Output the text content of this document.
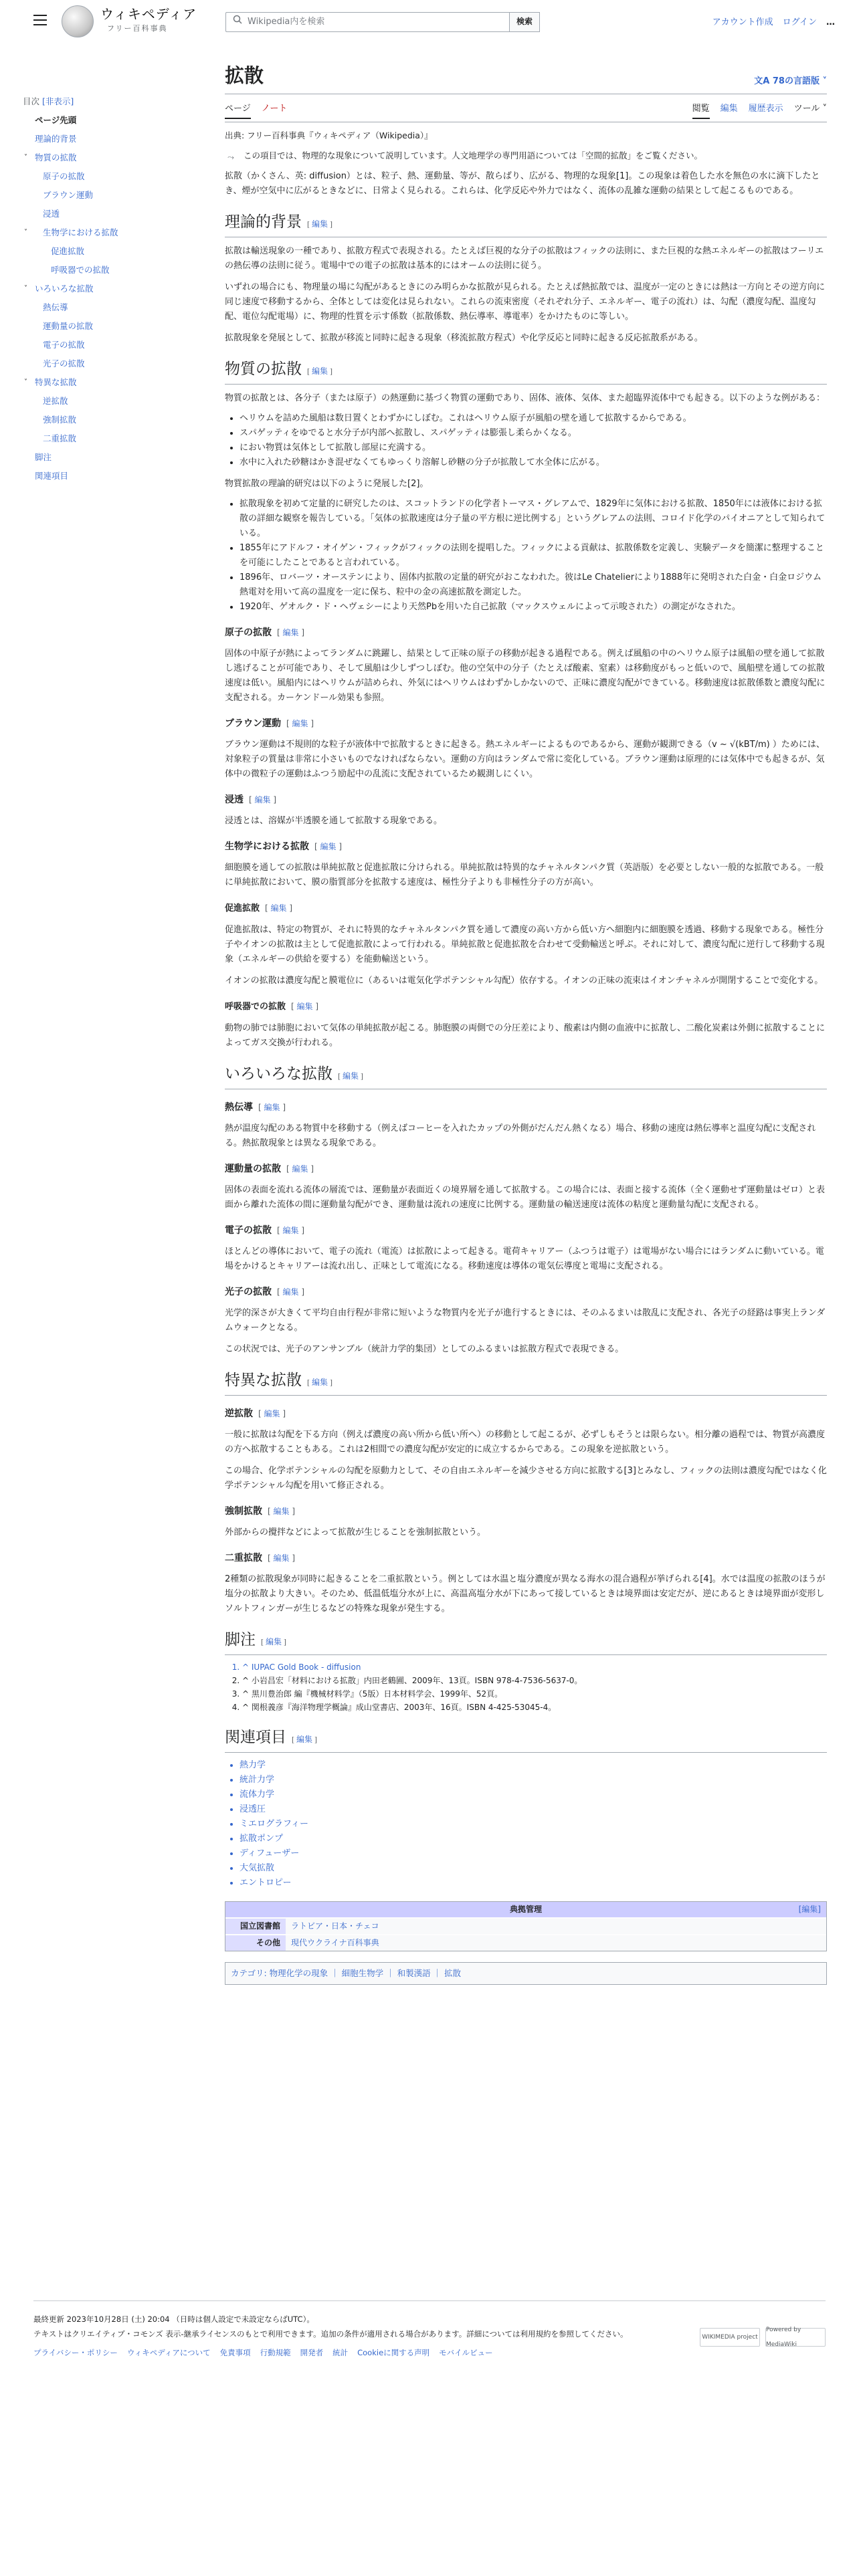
ウィキペディア
フリー百科事典
Wikipedia内を検索	検索	アカウント作成 ログイン …
目次 [非表示]
ページ先頭
理論的背景
˅ 物質の拡散
原子の拡散
ブラウン運動
浸透
˅ 生物学における拡散
促進拡散
呼吸器での拡散
˅ いろいろな拡散
熱伝導
運動量の拡散
電子の拡散
光子の拡散
˅ 特異な拡散
逆拡散
強制拡散
二重拡散
脚注
関連項目
拡散	文A 78の言語版 ˅
ページ ノート	閲覧 編集 履歴表示 ツール ˅
出典: フリー百科事典『ウィキペディア（Wikipedia）』
⤳ この項目では、物理的な現象について説明しています。人文地理学の専門用語については「空間的拡散」をご覧ください。

拡散（かくさん、英: diffusion）とは、粒子、熱、運動量、等が、散らばり、広がる、物理的な現象[1]。この現象は着色した水を無色の水に滴下したとき、煙が空気中に広がるときなどに、日常よく見られる。これらは、化学反応や外力ではなく、流体の乱雑な運動の結果として起こるものである。

理論的背景 [ 編集 ]

拡散は輸送現象の一種であり、拡散方程式で表現される。たとえば巨視的な分子の拡散はフィックの法則に、また巨視的な熱エネルギーの拡散はフーリエの熱伝導の法則に従う。電場中での電子の拡散は基本的にはオームの法則に従う。

いずれの場合にも、物理量の場に勾配があるときにのみ明らかな拡散が見られる。たとえば熱拡散では、温度が一定のときには熱は一方向とその逆方向に同じ速度で移動するから、全体としては変化は見られない。これらの流束密度（それぞれ分子、エネルギー、電子の流れ）は、勾配（濃度勾配、温度勾配、電位勾配電場）に、物理的性質を示す係数（拡散係数、熱伝導率、導電率）をかけたものに等しい。

拡散現象を発展として、拡散が移流と同時に起きる現象（移流拡散方程式）や化学反応と同時に起きる反応拡散系がある。

物質の拡散 [ 編集 ]

物質の拡散とは、各分子（または原子）の熱運動に基づく物質の運動であり、固体、液体、気体、また超臨界流体中でも起きる。以下のような例がある：

• ヘリウムを詰めた風船は数日置くとわずかにしぼむ。これはヘリウム原子が風船の壁を通して拡散するからである。
• スパゲッティをゆでると水分子が内部へ拡散し、スパゲッティは膨張し柔らかくなる。
• におい物質は気体として拡散し部屋に充満する。
• 水中に入れた砂糖はかき混ぜなくてもゆっくり溶解し砂糖の分子が拡散して水全体に広がる。

物質拡散の理論的研究は以下のように発展した[2]。

• 拡散現象を初めて定量的に研究したのは、スコットランドの化学者トーマス・グレアムで、1829年に気体における拡散、1850年には液体における拡散の詳細な観察を報告している。「気体の拡散速度は分子量の平方根に逆比例する」というグレアムの法則、コロイド化学のパイオニアとして知られている。
• 1855年にアドルフ・オイゲン・フィックがフィックの法則を提唱した。フィックによる貢献は、拡散係数を定義し、実験データを簡潔に整理することを可能にしたことであると言われている。
• 1896年、ロバーツ・オーステンにより、固体内拡散の定量的研究がおこなわれた。彼はLe Chatelierにより1888年に発明された白金・白金ロジウム熱電対を用いて高の温度を一定に保ち、粒中の金の高速拡散を測定した。
• 1920年、ゲオルク・ド・ヘヴェシーにより天然Pbを用いた自己拡散（マックスウェルによって示唆された）の測定がなされた。
原子の拡散 [ 編集 ]

固体の中原子が熱によってランダムに跳躍し、結果として正味の原子の移動が起きる過程である。例えば風船の中のヘリウム原子は風船の壁を通して拡散し逃げることが可能であり、そして風船は少しずつしぼむ。他の空気中の分子（たとえば酸素、窒素）は移動度がもっと低いので、風船壁を通しての拡散速度は低い。風船内にはヘリウムが詰められ、外気にはヘリウムはわずかしかないので、正味に濃度勾配ができている。移動速度は拡散係数と濃度勾配に支配される。カーケンドール効果も参照。

ブラウン運動 [ 編集 ]

ブラウン運動は不規則的な粒子が液体中で拡散するときに起きる。熱エネルギーによるものであるから、運動が観測できる（v ~ √(kBT/m) ）ためには、対象粒子の質量は非常に小さいものでなければならない。運動の方向はランダムで常に変化している。ブラウン運動は原理的には気体中でも起きるが、気体中の微粒子の運動はふつう励起中の乱流に支配されているため観測しにくい。

浸透 [ 編集 ]

浸透とは、溶媒が半透膜を通して拡散する現象である。

生物学における拡散 [ 編集 ]

細胞膜を通しての拡散は単純拡散と促進拡散に分けられる。単純拡散は特異的なチャネルタンパク質（英語版）を必要としない一般的な拡散である。一般に単純拡散において、膜の脂質部分を拡散する速度は、極性分子よりも非極性分子の方が高い。

促進拡散 [ 編集 ]

促進拡散は、特定の物質が、それに特異的なチャネルタンパク質を通して濃度の高い方から低い方へ細胞内に細胞膜を透過、移動する現象である。極性分子やイオンの拡散は主として促進拡散によって行われる。単純拡散と促進拡散を合わせて受動輸送と呼ぶ。それに対して、濃度勾配に逆行して移動する現象（エネルギーの供給を要する）を能動輸送という。

イオンの拡散は濃度勾配と膜電位に（あるいは電気化学ポテンシャル勾配）依存する。イオンの正味の流束はイオンチャネルが開閉することで変化する。

呼吸器での拡散 [ 編集 ]

動物の肺では肺胞において気体の単純拡散が起こる。肺胞膜の両側での分圧差により、酸素は内側の血液中に拡散し、二酸化炭素は外側に拡散することによってガス交換が行われる。

いろいろな拡散 [ 編集 ]
熱伝導 [ 編集 ]

熱が温度勾配のある物質中を移動する（例えばコーヒーを入れたカップの外側がだんだん熱くなる）場合、移動の速度は熱伝導率と温度勾配に支配される。熱拡散現象とは異なる現象である。

運動量の拡散 [ 編集 ]

固体の表面を流れる流体の層流では、運動量が表面近くの境界層を通して拡散する。この場合には、表面と接する流体（全く運動せず運動量はゼロ）と表面から離れた流体の間に運動量勾配ができ、運動量は流れの速度に比例する。運動量の輸送速度は流体の粘度と運動量勾配に支配される。

電子の拡散 [ 編集 ]

ほとんどの導体において、電子の流れ（電流）は拡散によって起きる。電荷キャリアー（ふつうは電子）は電場がない場合にはランダムに動いている。電場をかけるとキャリアーは流れ出し、正味として電流になる。移動速度は導体の電気伝導度と電場に支配される。

光子の拡散 [ 編集 ]

光学的深さが大きくて平均自由行程が非常に短いような物質内を光子が進行するときには、そのふるまいは散乱に支配され、各光子の経路は事実上ランダムウォークとなる。

この状況では、光子のアンサンブル（統計力学的集団）としてのふるまいは拡散方程式で表現できる。

特異な拡散 [ 編集 ]
逆拡散 [ 編集 ]

一般に拡散は勾配を下る方向（例えば濃度の高い所から低い所へ）の移動として起こるが、必ずしもそうとは限らない。相分離の過程では、物質が高濃度の方へ拡散することもある。これは2相間での濃度勾配が安定的に成立するからである。この現象を逆拡散という。

この場合、化学ポテンシャルの勾配を原動力として、その自由エネルギーを減少させる方向に拡散する[3]とみなし、フィックの法則は濃度勾配ではなく化学ポテンシャル勾配を用いて修正される。

強制拡散 [ 編集 ]

外部からの攪拌などによって拡散が生じることを強制拡散という。

二重拡散 [ 編集 ]

2種類の拡散現象が同時に起きることを二重拡散という。例としては水温と塩分濃度が異なる海水の混合過程が挙げられる[4]。水では温度の拡散のほうが塩分の拡散より大きい。そのため、低温低塩分水が上に、高温高塩分水が下にあって接しているときは境界面は安定だが、逆にあるときは境界面が変形しソルトフィンガーが生じるなどの特殊な現象が発生する。

脚注 [ 編集 ]
1. ^ IUPAC Gold Book - diffusion
2. ^ 小岩昌宏「材料における拡散」内田老鶴圃、2009年、13頁。ISBN 978-4-7536-5637-0。
3. ^ 黒川豊治郎 編『機械材料学』（5版）日本材料学会、1999年、52頁。
4. ^ 関根義彦『海洋物理学概論』成山堂書店、2003年、16頁。ISBN 4-425-53045-4。
関連項目 [ 編集 ]
• 熱力学
• 統計力学
• 流体力学
• 浸透圧
• ミエログラフィー
• 拡散ポンプ
• ディフューザー
• 大気拡散
• エントロピー
典拠管理	[編集]
国立図書館	ラトビア・日本・チェコ
その他	現代ウクライナ百科事典
カテゴリ: 物理化学の現象 ｜ 細胞生物学 ｜ 和製漢語 ｜ 拡散
最終更新 2023年10月28日 (土) 20:04 （日時は個人設定で未設定ならばUTC）。
テキストはクリエイティブ・コモンズ 表示-継承ライセンスのもとで利用できます。追加の条件が適用される場合があります。詳細については利用規約を参照してください。
プライバシー・ポリシー ウィキペディアについて 免責事項 行動規範 開発者 統計 Cookieに関する声明 モバイルビュー
WIKIMEDIA project
Powered by MediaWiki
